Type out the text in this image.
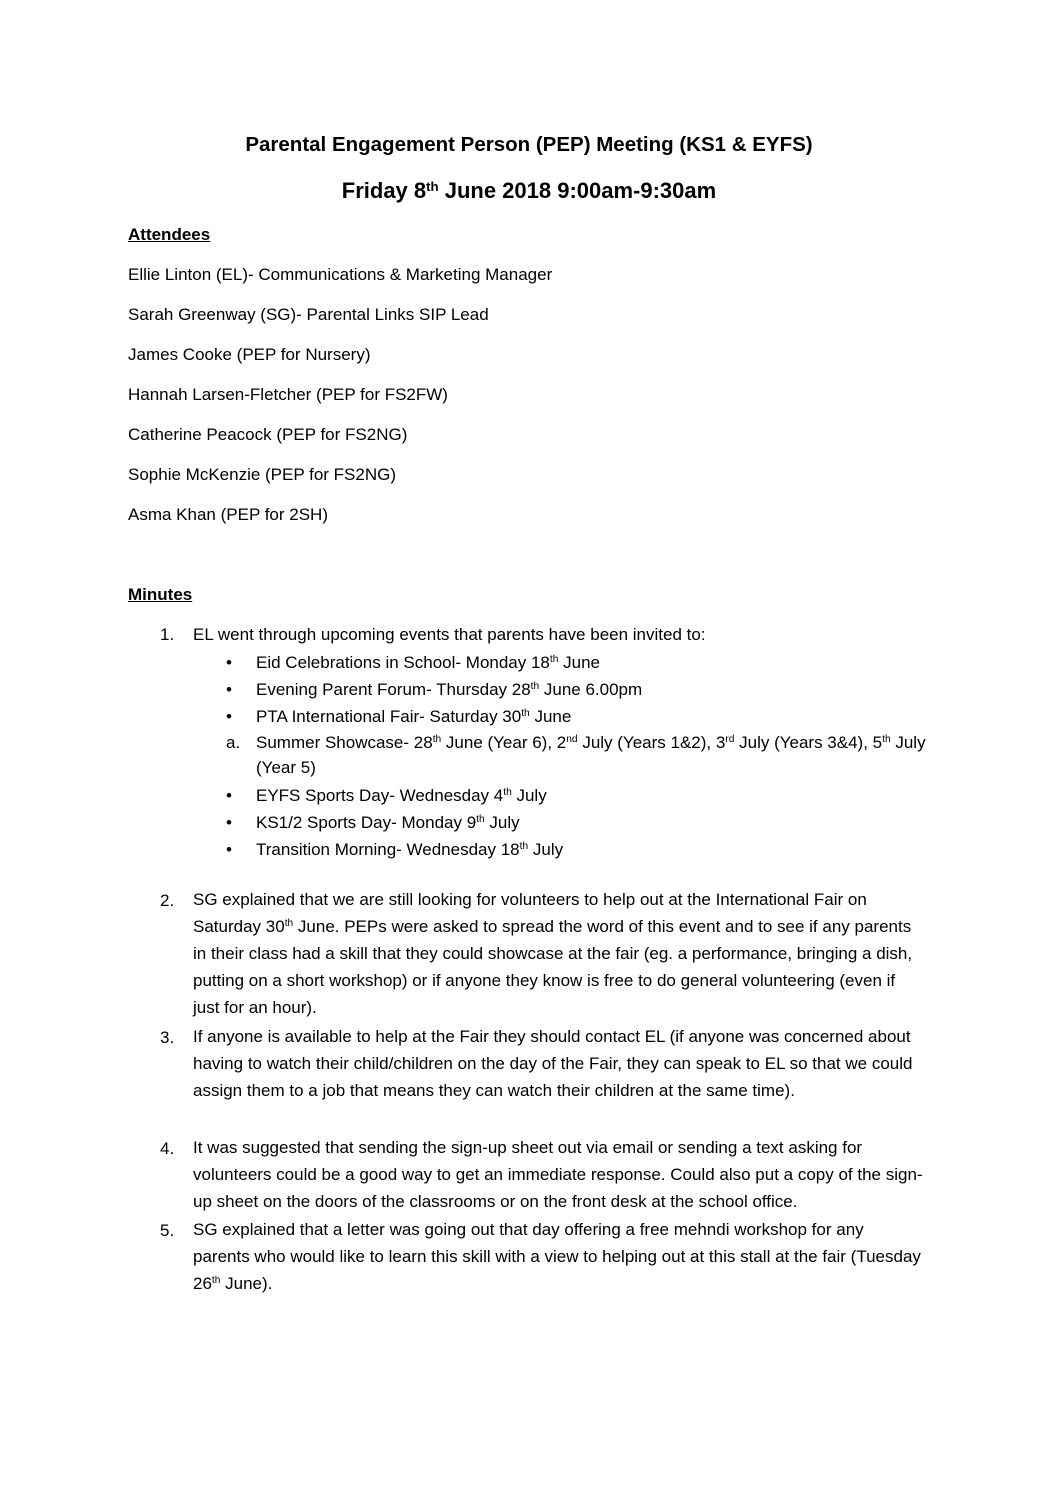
Parental Engagement Person (PEP) Meeting (KS1 & EYFS)
Friday 8th June 2018 9:00am-9:30am
Attendees
Ellie Linton (EL)- Communications & Marketing Manager
Sarah Greenway (SG)- Parental Links SIP Lead
James Cooke (PEP for Nursery)
Hannah Larsen-Fletcher (PEP for FS2FW)
Catherine Peacock (PEP for FS2NG)
Sophie McKenzie (PEP for FS2NG)
Asma Khan (PEP for 2SH)
Minutes
1. EL went through upcoming events that parents have been invited to:
• Eid Celebrations in School- Monday 18th June
• Evening Parent Forum- Thursday 28th June 6.00pm
• PTA International Fair- Saturday 30th June
a. Summer Showcase- 28th June (Year 6), 2nd July (Years 1&2), 3rd July (Years 3&4), 5th July (Year 5)
• EYFS Sports Day- Wednesday 4th July
• KS1/2 Sports Day- Monday 9th July
• Transition Morning- Wednesday 18th July
2. SG explained that we are still looking for volunteers to help out at the International Fair on Saturday 30th June. PEPs were asked to spread the word of this event and to see if any parents in their class had a skill that they could showcase at the fair (eg. a performance, bringing a dish, putting on a short workshop) or if anyone they know is free to do general volunteering (even if just for an hour).
3. If anyone is available to help at the Fair they should contact EL (if anyone was concerned about having to watch their child/children on the day of the Fair, they can speak to EL so that we could assign them to a job that means they can watch their children at the same time).
4. It was suggested that sending the sign-up sheet out via email or sending a text asking for volunteers could be a good way to get an immediate response. Could also put a copy of the sign-up sheet on the doors of the classrooms or on the front desk at the school office.
5. SG explained that a letter was going out that day offering a free mehndi workshop for any parents who would like to learn this skill with a view to helping out at this stall at the fair (Tuesday 26th June).
